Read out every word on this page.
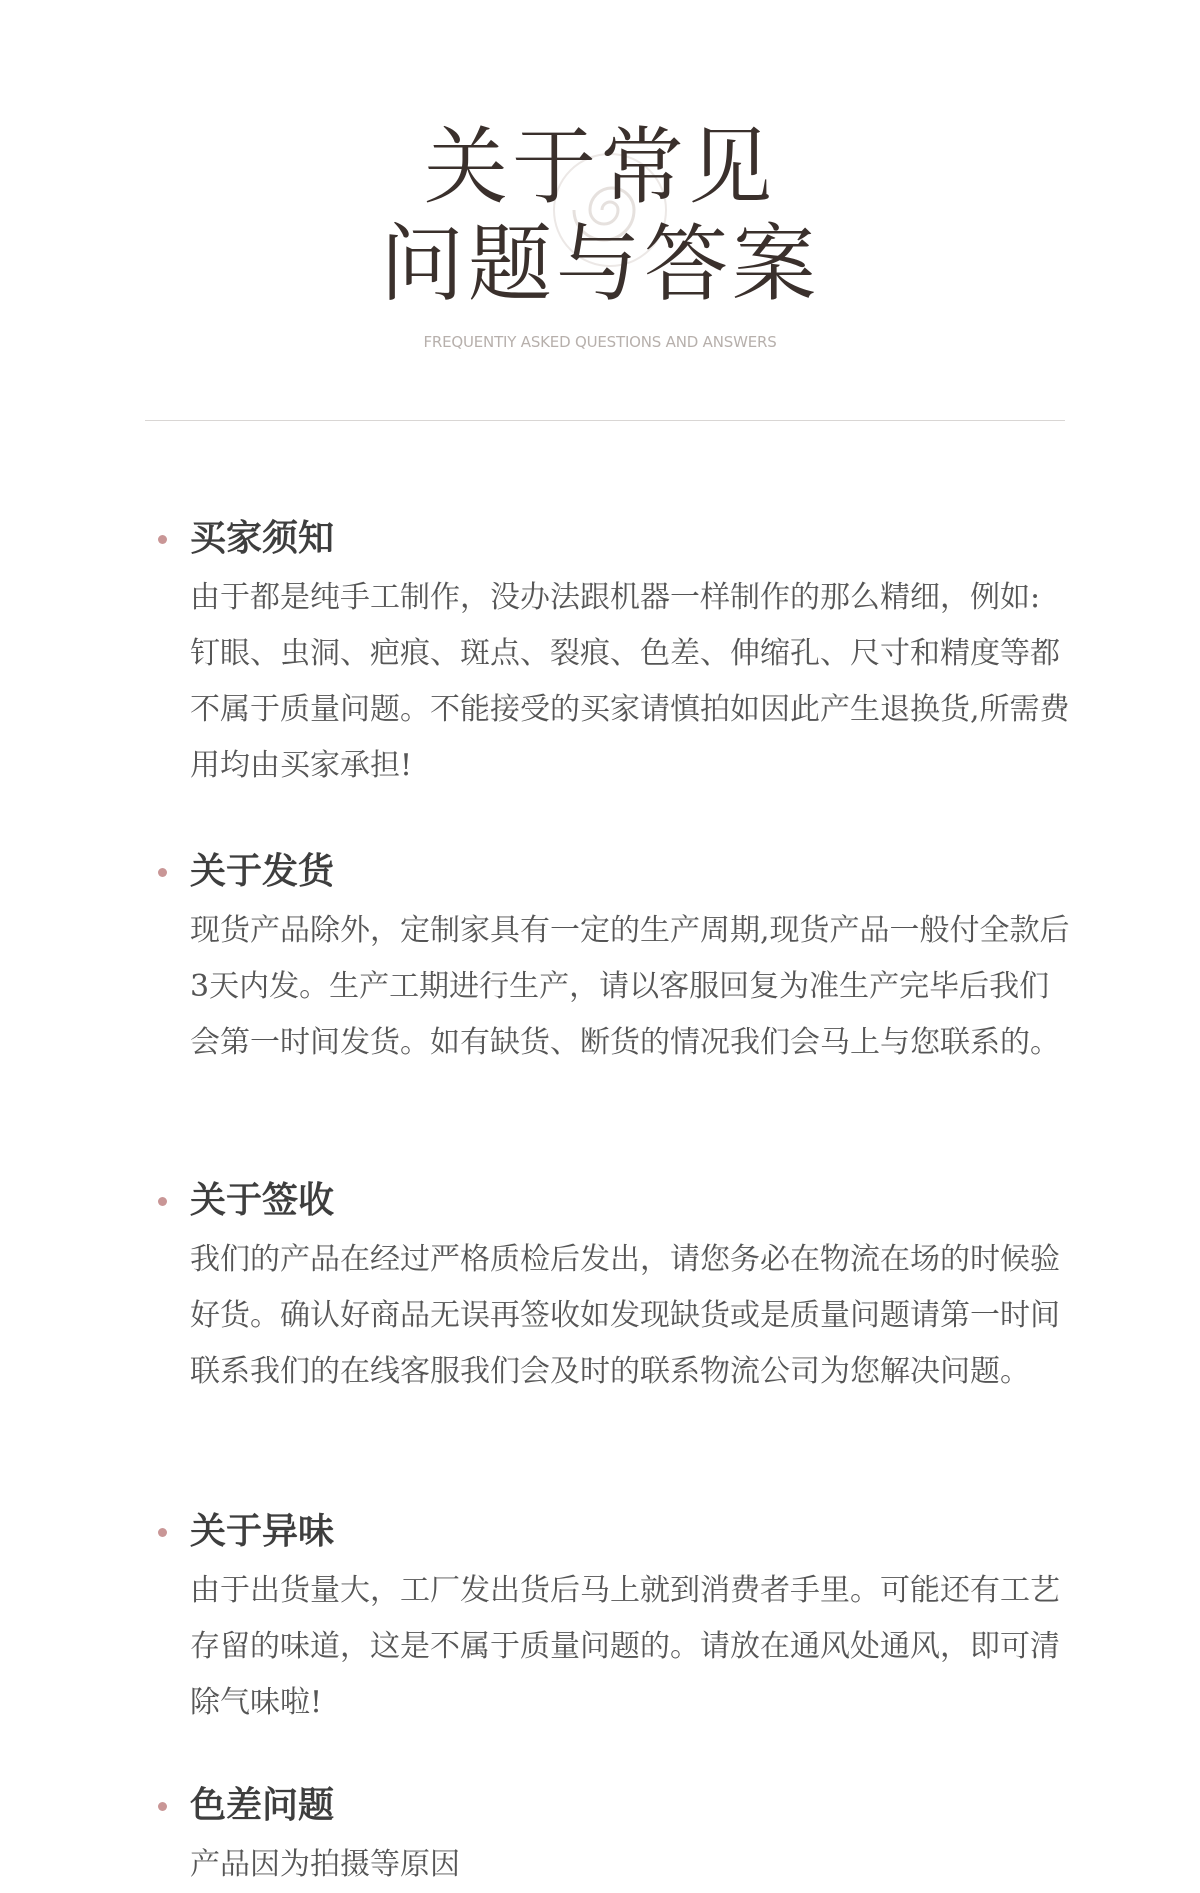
关于常见
问题与答案
FREQUENTIY ASKED QUESTIONS AND ANSWERS
买家须知
由于都是纯手工制作，没办法跟机器一样制作的那么精细，例如:钉眼、虫洞、疤痕、斑点、裂痕、色差、伸缩孔、尺寸和精度等都不属于质量问题。不能接受的买家请慎拍如因此产生退换货,所需费用均由买家承担!
关于发货
现货产品除外，定制家具有一定的生产周期,现货产品一般付全款后3天内发。生产工期进行生产，请以客服回复为准生产完毕后我们会第一时间发货。如有缺货、断货的情况我们会马上与您联系的。
关于签收
我们的产品在经过严格质检后发出，请您务必在物流在场的时候验好货。确认好商品无误再签收如发现缺货或是质量问题请第一时间联系我们的在线客服我们会及时的联系物流公司为您解决问题。
关于异味
由于出货量大，工厂发出货后马上就到消费者手里。可能还有工艺存留的味道，这是不属于质量问题的。请放在通风处通风，即可清除气味啦!
色差问题
产品因为拍摄等原因
